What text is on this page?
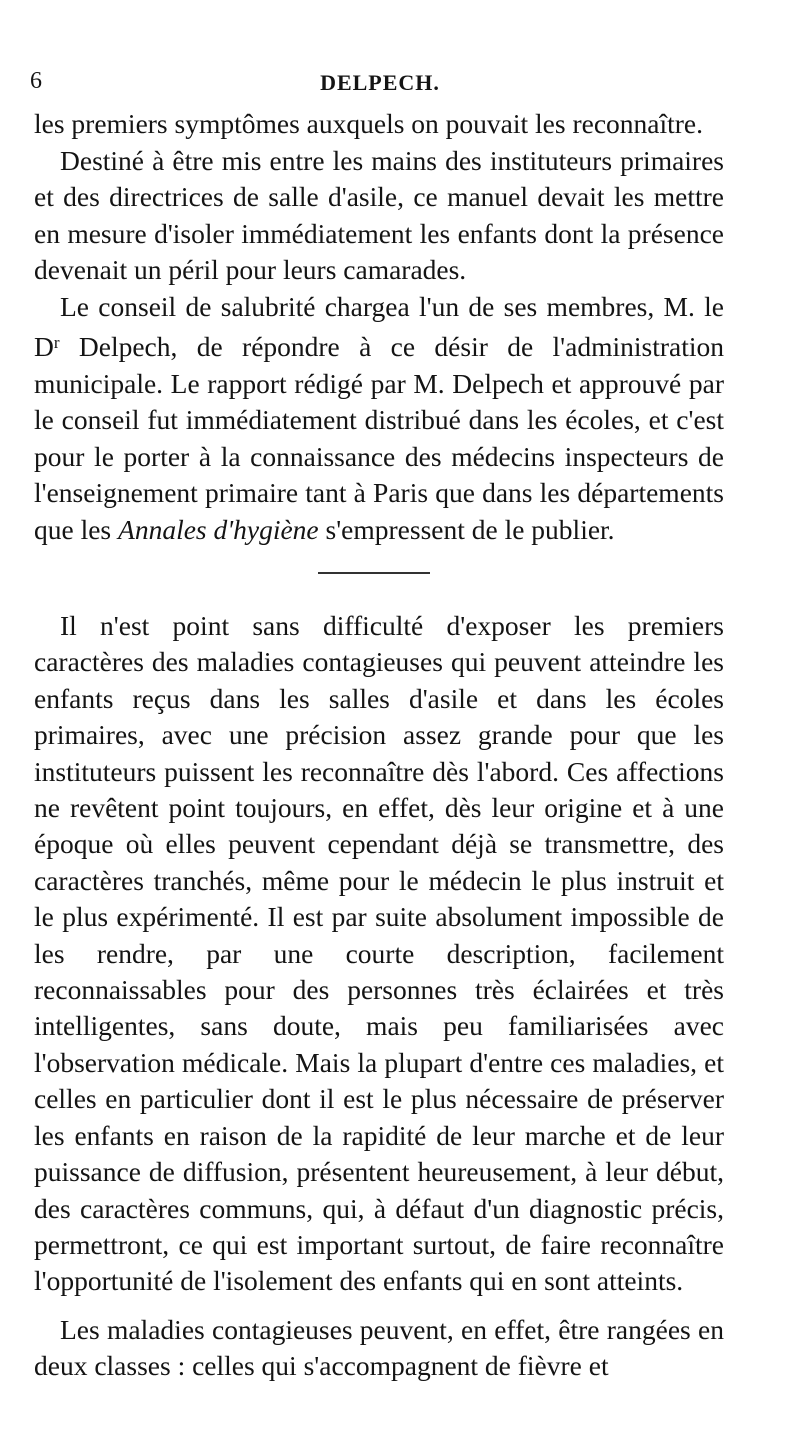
6	DELPECH.

les premiers symptômes auxquels on pouvait les reconnaître.

Destiné à être mis entre les mains des instituteurs primaires et des directrices de salle d'asile, ce manuel devait les mettre en mesure d'isoler immédiatement les enfants dont la présence devenait un péril pour leurs camarades.

Le conseil de salubrité chargea l'un de ses membres, M. le $D^r$ Delpech, de répondre à ce désir de l'administration municipale. Le rapport rédigé par M. Delpech et approuvé par le conseil fut immédiatement distribué dans les écoles, et c'est pour le porter à la connaissance des médecins inspecteurs de l'enseignement primaire tant à Paris que dans les départements que les Annales d'hygiène s'empressent de le publier.

Il n'est point sans difficulté d'exposer les premiers caractères des maladies contagieuses qui peuvent atteindre les enfants reçus dans les salles d'asile et dans les écoles primaires, avec une précision assez grande pour que les instituteurs puissent les reconnaître dès l'abord. Ces affections ne revêtent point toujours, en effet, dès leur origine et à une époque où elles peuvent cependant déjà se transmettre, des caractères tranchés, même pour le médecin le plus instruit et le plus expérimenté. Il est par suite absolument impossible de les rendre, par une courte description, facilement reconnaissables pour des personnes très éclairées et très intelligentes, sans doute, mais peu familiarisées avec l'observation médicale. Mais la plupart d'entre ces maladies, et celles en particulier dont il est le plus nécessaire de préserver les enfants en raison de la rapidité de leur marche et de leur puissance de diffusion, présentent heureusement, à leur début, des caractères communs, qui, à défaut d'un diagnostic précis, permettront, ce qui est important surtout, de faire reconnaître l'opportunité de l'isolement des enfants qui en sont atteints.

Les maladies contagieuses peuvent, en effet, être rangées en deux classes : celles qui s'accompagnent de fièvre et
